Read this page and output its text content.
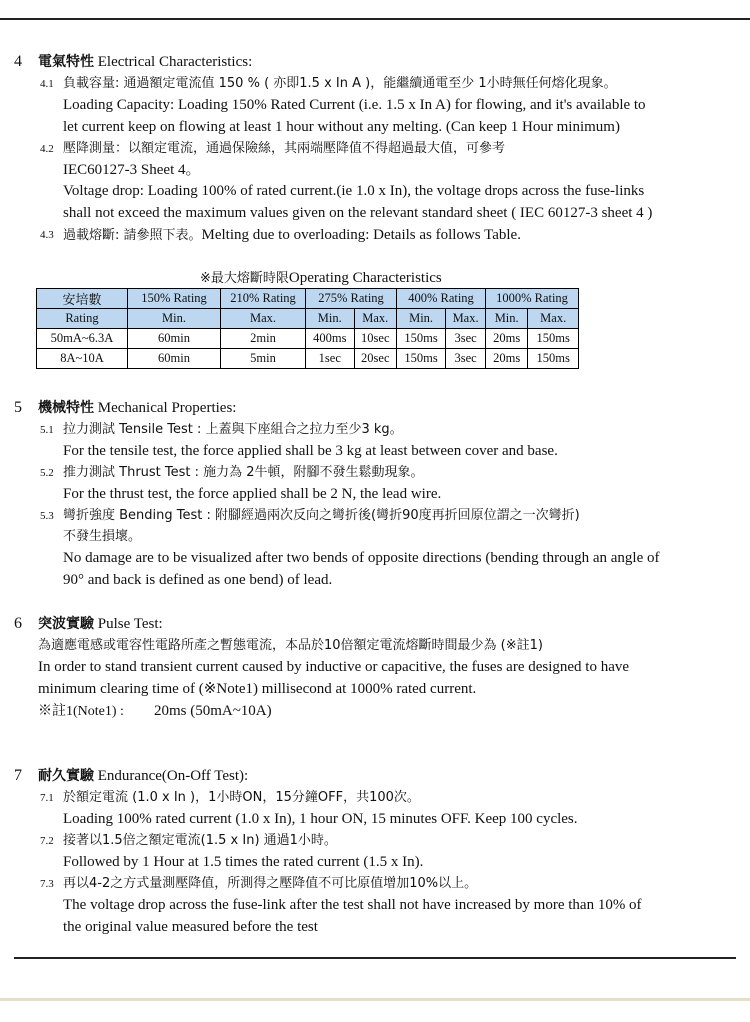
4 電氣特性 Electrical Characteristics:
4.1 負載容量: 通過額定電流值 150 % ( 亦即1.5 x In A )，能繼續通電至少 1小時無任何熔化現象。
Loading Capacity: Loading 150% Rated Current (i.e. 1.5 x In A) for flowing, and it's available to
let current keep on flowing at least 1 hour without any melting. (Can keep 1 Hour minimum)
4.2 壓降測量：以額定電流，通過保險絲，其兩端壓降值不得超過最大值，可參考
IEC60127-3 Sheet 4。
Voltage drop: Loading 100% of rated current.(ie 1.0 x In), the voltage drops across the fuse-links
shall not exceed the maximum values given on the relevant standard sheet ( IEC 60127-3 sheet 4 )
4.3 過載熔斷: 請參照下表。Melting due to overloading: Details as follows Table.
※最大熔斷時限Operating Characteristics
安培數	150% Rating	210% Rating	275% Rating		400% Rating		1000% Rating	
Rating	Min.	Max.	Min.	Max.	Min.	Max.	Min.	Max.
50mA~6.3A	60min	2min	400ms	10sec	150ms	3sec	20ms	150ms
8A~10A	60min	5min	1sec	20sec	150ms	3sec	20ms	150ms
5 機械特性 Mechanical Properties:
5.1 拉力測試 Tensile Test : 上蓋與下座組合之拉力至少3 kg。
For the tensile test, the force applied shall be 3 kg at least between cover and base.
5.2 推力測試 Thrust Test : 施力為 2牛頓，附腳不發生鬆動現象。
For the thrust test, the force applied shall be 2 N, the lead wire.
5.3 彎折強度 Bending Test : 附腳經過兩次反向之彎折後(彎折90度再折回原位謂之一次彎折)
不發生損壞。
No damage are to be visualized after two bends of opposite directions (bending through an angle of
90° and back is defined as one bend) of lead.
6 突波實驗 Pulse Test:
為適應電感或電容性電路所產之暫態電流，本品於10倍額定電流熔斷時間最少為 (※註1)
In order to stand transient current caused by inductive or capacitive, the fuses are designed to have
minimum clearing time of (※Note1) millisecond at 1000% rated current.
※註1(Note1) : 20ms (50mA~10A)
7 耐久實驗 Endurance(On-Off Test):
7.1 於額定電流 (1.0 x In )，1小時ON，15分鐘OFF，共100次。
Loading 100% rated current (1.0 x In), 1 hour ON, 15 minutes OFF. Keep 100 cycles.
7.2 接著以1.5倍之額定電流(1.5 x In) 通過1小時。
Followed by 1 Hour at 1.5 times the rated current (1.5 x In).
7.3 再以4-2之方式量測壓降值，所測得之壓降值不可比原值增加10%以上。
The voltage drop across the fuse-link after the test shall not have increased by more than 10% of
the original value measured before the test
